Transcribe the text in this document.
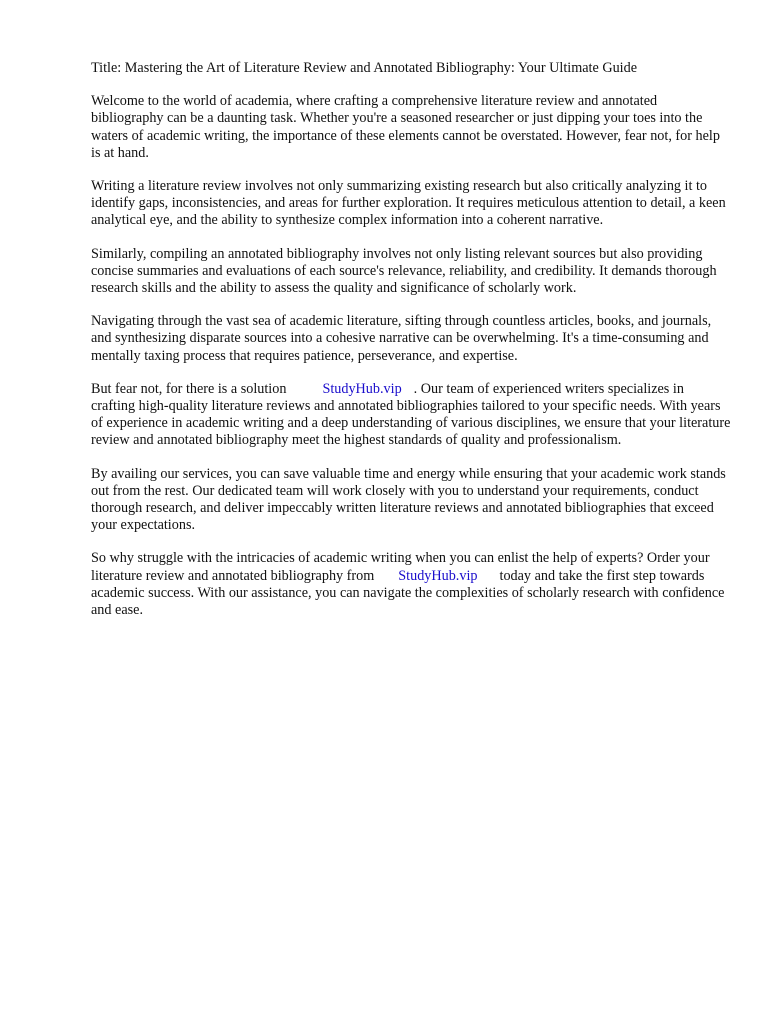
Title: Mastering the Art of Literature Review and Annotated Bibliography: Your Ultimate Guide

Welcome to the world of academia, where crafting a comprehensive literature review and annotated bibliography can be a daunting task. Whether you're a seasoned researcher or just dipping your toes into the waters of academic writing, the importance of these elements cannot be overstated. However, fear not, for help is at hand.

Writing a literature review involves not only summarizing existing research but also critically analyzing it to identify gaps, inconsistencies, and areas for further exploration. It requires meticulous attention to detail, a keen analytical eye, and the ability to synthesize complex information into a coherent narrative.

Similarly, compiling an annotated bibliography involves not only listing relevant sources but also providing concise summaries and evaluations of each source's relevance, reliability, and credibility. It demands thorough research skills and the ability to assess the quality and significance of scholarly work.

Navigating through the vast sea of academic literature, sifting through countless articles, books, and journals, and synthesizing disparate sources into a cohesive narrative can be overwhelming. It's a time-consuming and mentally taxing process that requires patience, perseverance, and expertise.

But fear not, for there is a solution	StudyHub.vip . Our team of experienced writers specializes in crafting high-quality literature reviews and annotated bibliographies tailored to your specific needs. With years of experience in academic writing and a deep understanding of various disciplines, we ensure that your literature review and annotated bibliography meet the highest standards of quality and professionalism.

By availing our services, you can save valuable time and energy while ensuring that your academic work stands out from the rest. Our dedicated team will work closely with you to understand your requirements, conduct thorough research, and deliver impeccably written literature reviews and annotated bibliographies that exceed your expectations.

So why struggle with the intricacies of academic writing when you can enlist the help of experts? Order your literature review and annotated bibliography from StudyHub.vip today and take the first step towards academic success. With our assistance, you can navigate the complexities of scholarly research with confidence and ease.
